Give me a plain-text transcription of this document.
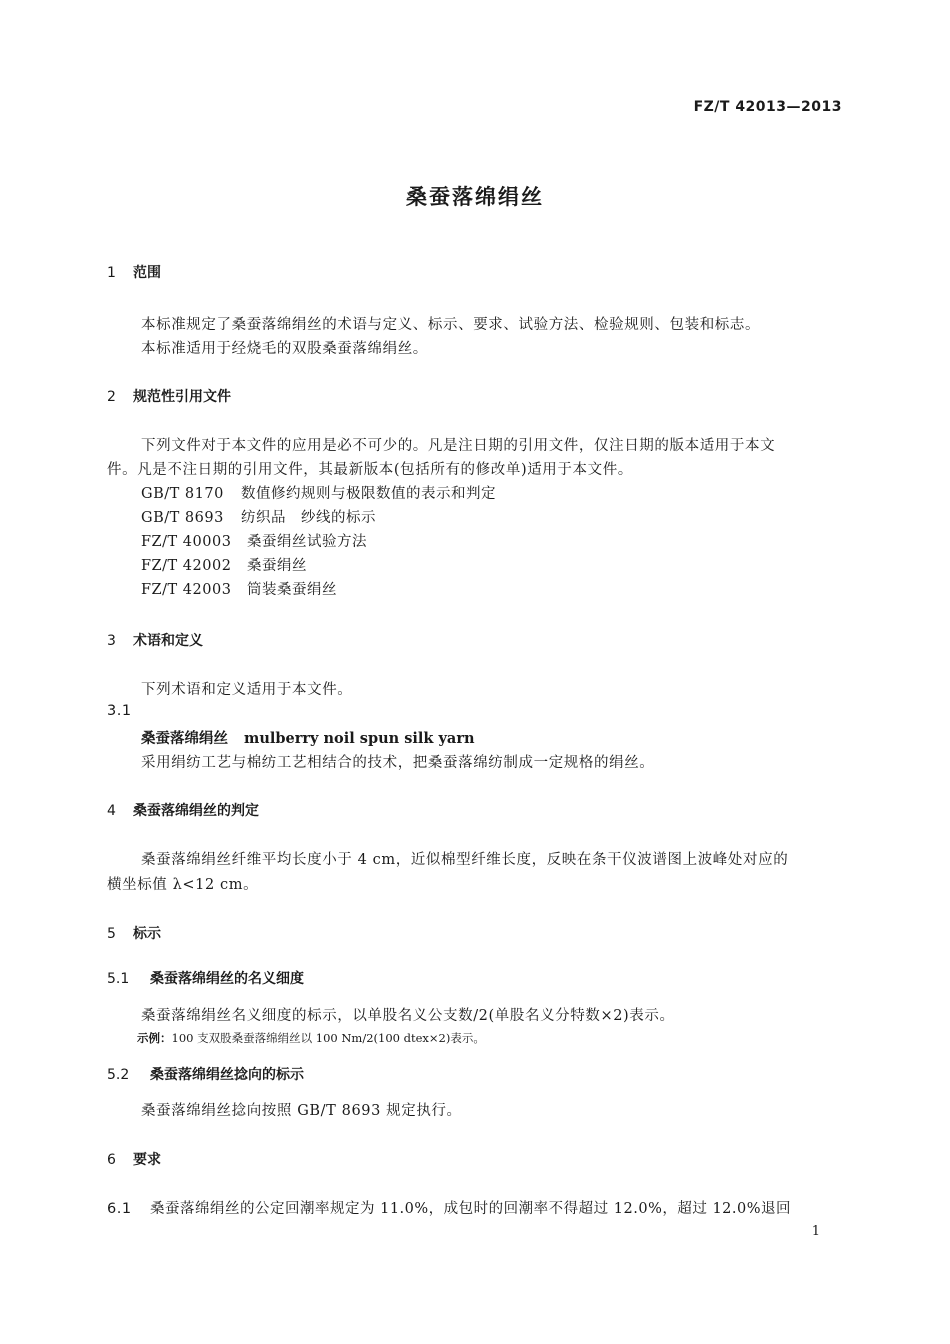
FZ/T 42013—2013
桑蚕落绵绢丝
1 范围
本标准规定了桑蚕落绵绢丝的术语与定义、标示、要求、试验方法、检验规则、包装和标志。
本标准适用于经烧毛的双股桑蚕落绵绢丝。
2 规范性引用文件
下列文件对于本文件的应用是必不可少的。凡是注日期的引用文件，仅注日期的版本适用于本文
件。凡是不注日期的引用文件，其最新版本(包括所有的修改单)适用于本文件。
GB/T 8170 数值修约规则与极限数值的表示和判定
GB/T 8693 纺织品　纱线的标示
FZ/T 40003 桑蚕绢丝试验方法
FZ/T 42002 桑蚕绢丝
FZ/T 42003 筒装桑蚕绢丝
3 术语和定义
下列术语和定义适用于本文件。
3.1
桑蚕落绵绢丝 mulberry noil spun silk yarn
采用绢纺工艺与棉纺工艺相结合的技术，把桑蚕落绵纺制成一定规格的绢丝。
4 桑蚕落绵绢丝的判定
桑蚕落绵绢丝纤维平均长度小于 4 cm，近似棉型纤维长度，反映在条干仪波谱图上波峰处对应的
横坐标值 λ<12 cm。
5 标示
5.1 桑蚕落绵绢丝的名义细度
桑蚕落绵绢丝名义细度的标示，以单股名义公支数/2(单股名义分特数×2)表示。
示例：100 支双股桑蚕落绵绢丝以 100 Nm/2(100 dtex×2)表示。
5.2 桑蚕落绵绢丝捻向的标示
桑蚕落绵绢丝捻向按照 GB/T 8693 规定执行。
6 要求
6.1 桑蚕落绵绢丝的公定回潮率规定为 11.0%，成包时的回潮率不得超过 12.0%，超过 12.0%退回
1
